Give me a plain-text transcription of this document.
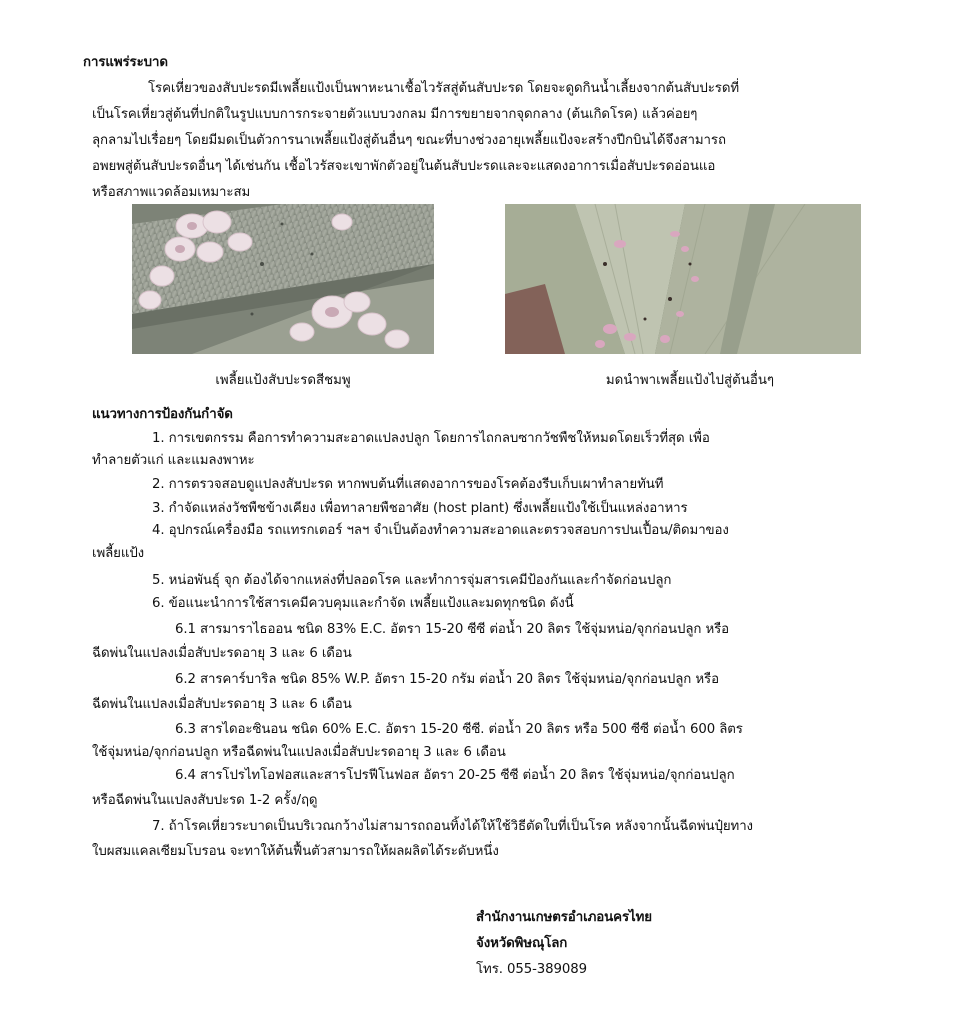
การแพร่ระบาด
โรคเหี่ยวของสับปะรดมีเพลี้ยแป้งเป็นพาหะนาเชื้อไวรัสสู่ต้นสับปะรด โดยจะดูดกินน้ำเลี้ยงจากต้นสับปะรดที่
เป็นโรคเหี่ยวสู่ต้นที่ปกติในรูปแบบการกระจายตัวแบบวงกลม มีการขยายจากจุดกลาง (ต้นเกิดโรค) แล้วค่อยๆ
ลุกลามไปเรื่อยๆ โดยมีมดเป็นตัวการนาเพลี้ยแป้งสู่ต้นอื่นๆ ขณะที่บางช่วงอายุเพลี้ยแป้งจะสร้างปีกบินได้จึงสามารถ
อพยพสู่ต้นสับปะรดอื่นๆ ได้เช่นกัน เชื้อไวรัสจะเขาพักตัวอยู่ในต้นสับปะรดและจะแสดงอาการเมื่อสับปะรดอ่อนแอ
หรือสภาพแวดล้อมเหมาะสม
เพลี้ยแป้งสับปะรดสีชมพู	มดนำพาเพลี้ยแป้งไปสู่ต้นอื่นๆ
แนวทางการป้องกันกำจัด
1. การเขตกรรม คือการทำความสะอาดแปลงปลูก โดยการไถกลบซากวัชพืชให้หมดโดยเร็วที่สุด เพื่อ
ทำลายตัวแก่ และแมลงพาหะ
2. การตรวจสอบดูแปลงสับปะรด หากพบต้นที่แสดงอาการของโรคต้องรีบเก็บเผาทำลายทันที
3. กำจัดแหล่งวัชพืชข้างเคียง เพื่อทาลายพืชอาศัย (host plant) ซึ่งเพลี้ยแป้งใช้เป็นแหล่งอาหาร
4. อุปกรณ์เครื่องมือ รถแทรกเตอร์ ฯลฯ จำเป็นต้องทำความสะอาดและตรวจสอบการปนเปื้อน/ติดมาของ
เพลี้ยแป้ง
5. หน่อพันธุ์ จุก ต้องได้จากแหล่งที่ปลอดโรค และทำการจุ่มสารเคมีป้องกันและกำจัดก่อนปลูก
6. ข้อแนะนำการใช้สารเคมีควบคุมและกำจัด เพลี้ยแป้งและมดทุกชนิด ดังนี้
6.1 สารมาราไธออน ชนิด 83% E.C. อัตรา 15-20 ซีซี ต่อน้ำ 20 ลิตร ใช้จุ่มหน่อ/จุกก่อนปลูก หรือ
ฉีดพ่นในแปลงเมื่อสับปะรดอายุ 3 และ 6 เดือน
6.2 สารคาร์บาริล ชนิด 85% W.P. อัตรา 15-20 กรัม ต่อน้ำ 20 ลิตร ใช้จุ่มหน่อ/จุกก่อนปลูก หรือ
ฉีดพ่นในแปลงเมื่อสับปะรดอายุ 3 และ 6 เดือน
6.3 สารไดอะซินอน ชนิด 60% E.C. อัตรา 15-20 ซีซี. ต่อน้ำ 20 ลิตร หรือ 500 ซีซี ต่อน้ำ 600 ลิตร
ใช้จุ่มหน่อ/จุกก่อนปลูก หรือฉีดพ่นในแปลงเมื่อสับปะรดอายุ 3 และ 6 เดือน
6.4 สารโปรไทโอฟอสและสารโปรฟีโนฟอส อัตรา 20-25 ซีซี ต่อน้ำ 20 ลิตร ใช้จุ่มหน่อ/จุกก่อนปลูก
หรือฉีดพ่นในแปลงสับปะรด 1-2 ครั้ง/ฤดู
7. ถ้าโรคเหี่ยวระบาดเป็นบริเวณกว้างไม่สามารถถอนทิ้งได้ให้ใช้วิธีตัดใบที่เป็นโรค หลังจากนั้นฉีดพ่นปุ๋ยทาง
ใบผสมแคลเซียมโบรอน จะทาให้ต้นฟื้นตัวสามารถให้ผลผลิตได้ระดับหนึ่ง
สำนักงานเกษตรอำเภอนครไทย
จังหวัดพิษณุโลก
โทร. 055-389089
